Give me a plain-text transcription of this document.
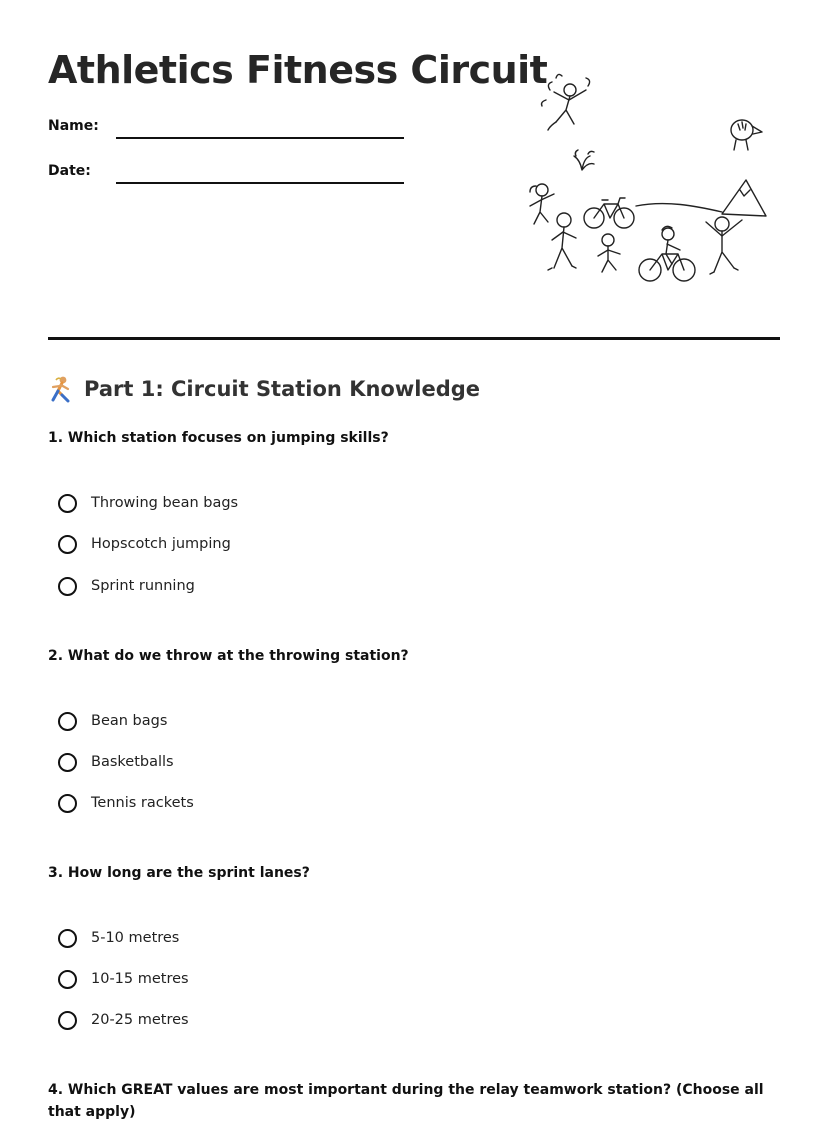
Athletics Fitness Circuit
Name:
Date:
Part 1: Circuit Station Knowledge

1. Which station focuses on jumping skills?

Throwing bean bags
Hopscotch jumping
Sprint running

2. What do we throw at the throwing station?

Bean bags
Basketballs
Tennis rackets

3. How long are the sprint lanes?

5-10 metres
10-15 metres
20-25 metres

4. Which GREAT values are most important during the relay teamwork station? (Choose all that apply)
